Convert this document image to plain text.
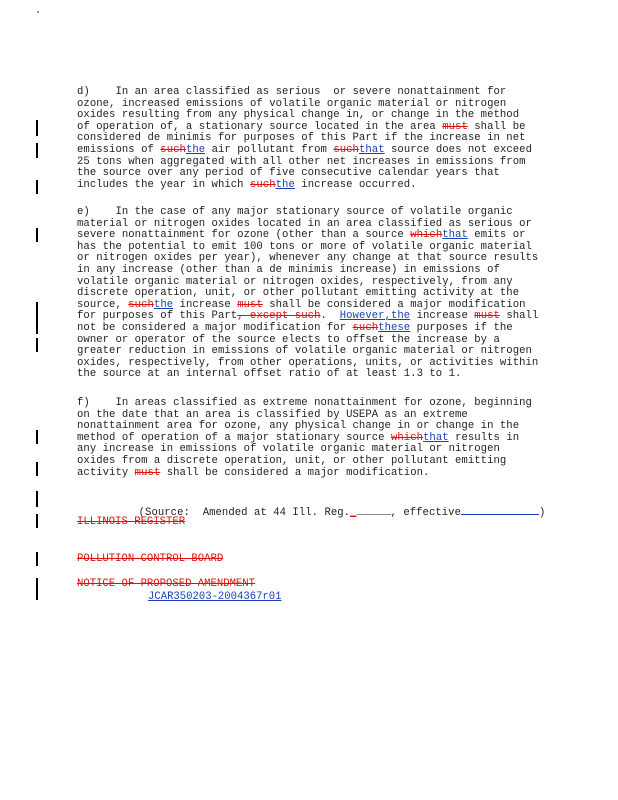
d)    In an area classified as serious  or severe nonattainment for
ozone, increased emissions of volatile organic material or nitrogen
oxides resulting from any physical change in, or change in the method
of operation of, a stationary source located in the area must shall be
considered de minimis for purposes of this Part if the increase in net
emissions of suchthe air pollutant from suchthat source does not exceed
25 tons when aggregated with all other net increases in emissions from
the source over any period of five consecutive calendar years that
includes the year in which suchthe increase occurred.
e)    In the case of any major stationary source of volatile organic
material or nitrogen oxides located in an area classified as serious or
severe nonattainment for ozone (other than a source whichthat emits or
has the potential to emit 100 tons or more of volatile organic material
or nitrogen oxides per year), whenever any change at that source results
in any increase (other than a de minimis increase) in emissions of
volatile organic material or nitrogen oxides, respectively, from any
discrete operation, unit, or other pollutant emitting activity at the
source, suchthe increase must shall be considered a major modification
for purposes of this Part, except such.  However,the increase must shall
not be considered a major modification for suchthese purposes if the
owner or operator of the source elects to offset the increase by a
greater reduction in emissions of volatile organic material or nitrogen
oxides, respectively, from other operations, units, or activities within
the source at an internal offset ratio of at least 1.3 to 1.
f)    In areas classified as extreme nonattainment for ozone, beginning
on the date that an area is classified by USEPA as an extreme
nonattainment area for ozone, any physical change in or change in the
method of operation of a major stationary source whichthat results in
any increase in emissions of volatile organic material or nitrogen
oxides from a discrete operation, unit, or other pollutant emitting
activity must shall be considered a major modification.

(Source:  Amended at 44 Ill. Reg._	, effective	)

ILLINOIS REGISTER
POLLUTION CONTROL BOARD
NOTICE OF PROPOSED AMENDMENT
JCAR350203-2004367r01
